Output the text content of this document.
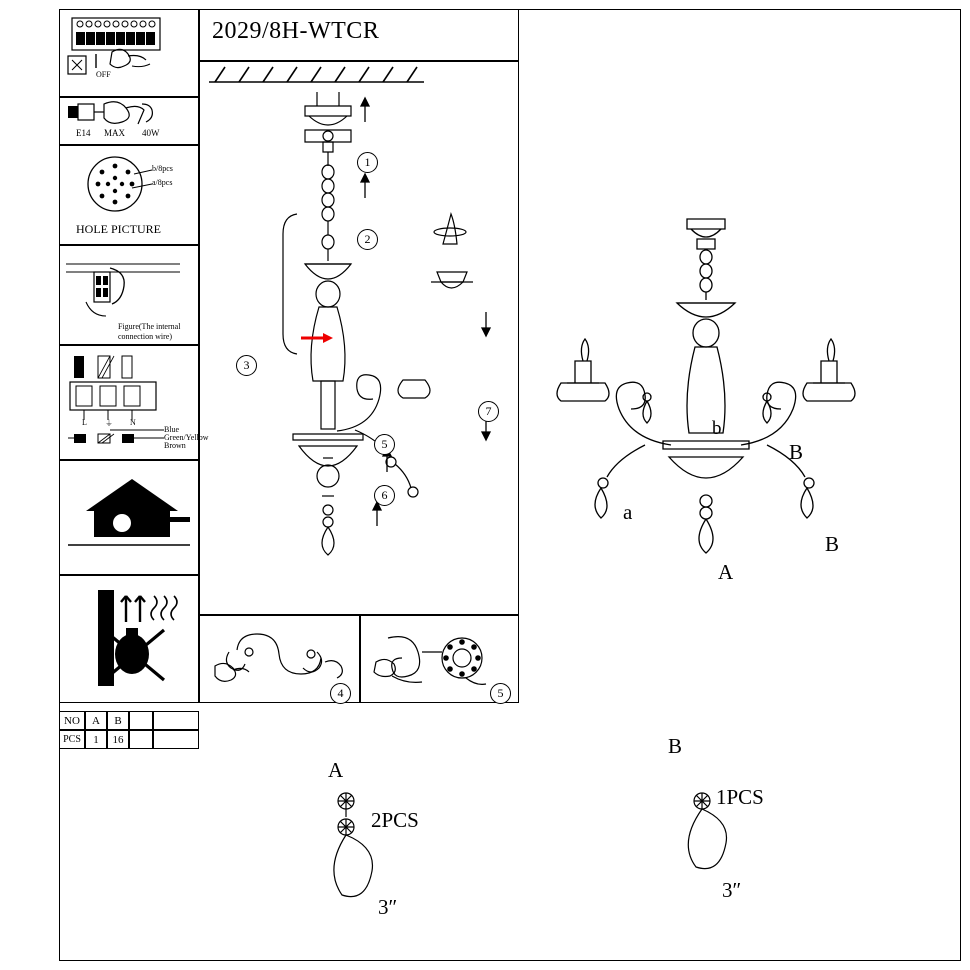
OFF
E14 MAX 40W
b/8pcs
a/8pcs
HOLE PICTURE
Figure(The internal
connection wire)
L ⏚ N
Blue
Green/Yellow
Brown
2029/8H-WTCR
1
2
3
5
6
7
4	5
a
b
A
B
B
NO	A	B
PCS	1	16
A
2PCS
3″
B
1PCS
3″
